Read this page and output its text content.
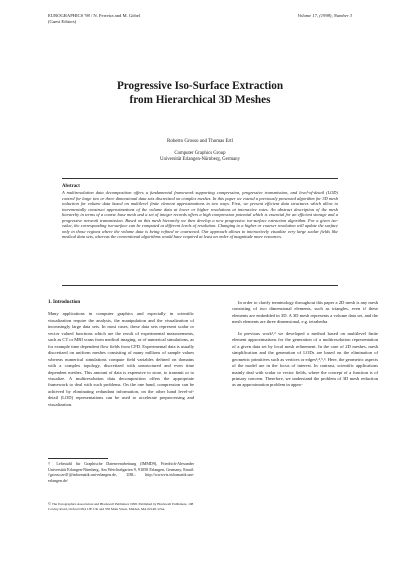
EUROGRAPHICS '98 / N. Ferreira and M. Göbel
(Guest Editors)
Volume 17, (1998), Number 3
Progressive Iso-Surface Extraction
from Hierarchical 3D Meshes
Roberto Grosso and Thomas Ertl
Computer Graphics Group
Universität Erlangen-Nürnberg, Germany
Abstract
A multiresolution data decomposition offers a fundamental framework supporting compression, progressive transmission, and level-of-detail (LOD) control for large two or three dimensional data sets discretized on complex meshes. In this paper we extend a previously presented algorithm for 3D mesh reduction for volume data based on multilevel finite element approximations in two ways. First, we present efficient data structures which allow to incrementally construct approximations of the volume data at lower or higher resolutions at interactive rates. An abstract description of the mesh hierarchy in terms of a coarse base mesh and a set of integer records offers a high compression potential which is essential for an efficient storage and a progressive network transmission. Based on this mesh hierarchy we then develop a new progressive iso-surface extraction algorithm. For a given iso-value, the corresponding iso-surface can be computed at different levels of resolution. Changing to a higher or coarser resolution will update the surface only in those regions where the volume data is being refined or coarsened. Our approach allows to interactively visualize very large scalar fields like medical data sets, whereas the conventional algorithms would have required at least an order of magnitude more resources.
1. Introduction

Many applications in computer graphics and especially in scientific visualization require the analysis, the manipulation and the visualization of increasingly large data sets. In most cases, these data sets represent scalar or vector valued functions which are the result of experimental measurements, such as CT or MRI scans from medical imaging, or of numerical simulations, as for example time dependent flow fields from CFD. Experimental data is usually discretized on uniform meshes consisting of many millions of sample values whereas numerical simulations compute field variables defined on domains with a complex topology, discretized with unstructured and even time dependent meshes. This amount of data is expensive to store, to transmit or to visualize. A multiresolution data decomposition offers the appropriate framework to deal with such problems. On the one hand, compression can be achieved by eliminating redundant information, on the other hand level-of-detail (LOD) representations can be used to accelerate preprocessing and visualization.

In order to clarify terminology throughout this paper a 2D mesh is any mesh consisting of two dimensional elements, such as triangles, even if these elements are embedded in 3D. A 3D mesh represents a volume data set, and the mesh elements are three dimensional, e.g. tetrahedra.

In previous work¹,² we developed a method based on multilevel finite element approximations for the generation of a multiresolution representation of a given data set by local mesh refinement. In the case of 2D meshes, mesh simplification and the generation of LODs are based on the elimination of geometric primitives such as vertices or edges³,⁴,⁵,⁶. Here, the geometric aspects of the model are in the focus of interest. In contrast, scientific applications mainly deal with scalar or vector fields, where the concept of a function is of primary concern. Therefore, we understand the problem of 3D mesh reduction as an approximation problem in appro-

† Lehrstuhl für Graphische Datenverarbeitung (IMMD9), Friedrich-Alexander Universität Erlangen-Nürnberg, Am Weichselgarten 9, 91058 Erlangen, Germany, Email: {grosso,ertl}@informatik.uni-erlangen.de, URL: http://wwwvis.informatik.uni-erlangen.de/
© The Eurographics Association and Blackwell Publishers 1998. Published by Blackwell Publishers, 108 Cowley Road, Oxford OX4 1JF, UK and 350 Main Street, Malden, MA 02148, USA.
